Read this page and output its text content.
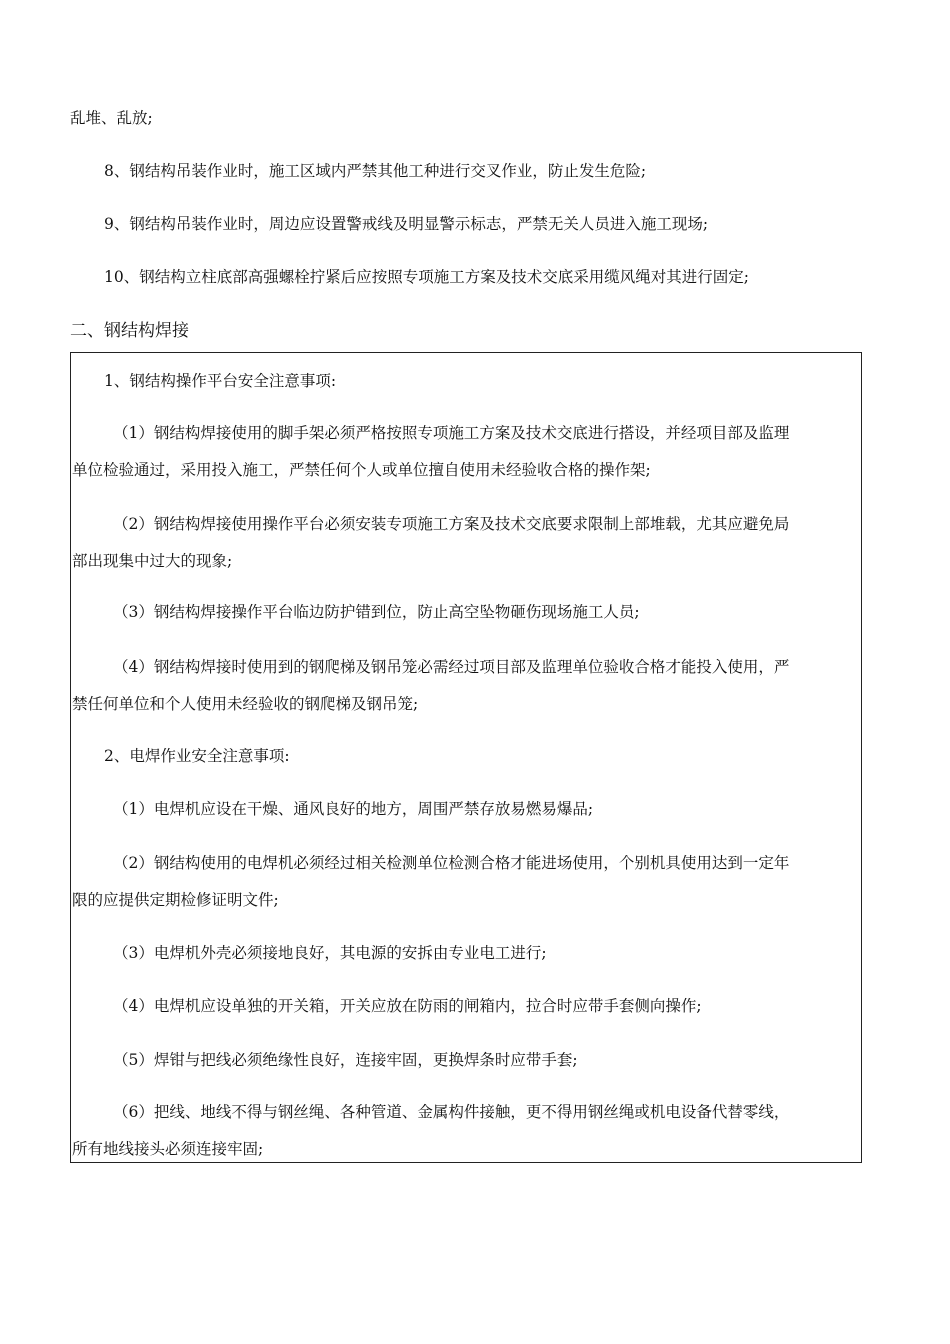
乱堆、乱放;
8、钢结构吊装作业时，施工区域内严禁其他工种进行交叉作业，防止发生危险;
9、钢结构吊装作业时，周边应设置警戒线及明显警示标志，严禁无关人员进入施工现场;
10、钢结构立柱底部高强螺栓拧紧后应按照专项施工方案及技术交底采用缆风绳对其进行固定;
二、钢结构焊接
1、钢结构操作平台安全注意事项:
（1）钢结构焊接使用的脚手架必须严格按照专项施工方案及技术交底进行搭设，并经项目部及监理
单位检验通过，采用投入施工，严禁任何个人或单位擅自使用未经验收合格的操作架;
（2）钢结构焊接使用操作平台必须安装专项施工方案及技术交底要求限制上部堆载，尤其应避免局
部出现集中过大的现象;
（3）钢结构焊接操作平台临边防护错到位，防止高空坠物砸伤现场施工人员;
（4）钢结构焊接时使用到的钢爬梯及钢吊笼必需经过项目部及监理单位验收合格才能投入使用，严
禁任何单位和个人使用未经验收的钢爬梯及钢吊笼;
2、电焊作业安全注意事项:
（1）电焊机应设在干燥、通风良好的地方，周围严禁存放易燃易爆品;
（2）钢结构使用的电焊机必须经过相关检测单位检测合格才能进场使用，个别机具使用达到一定年
限的应提供定期检修证明文件;
（3）电焊机外壳必须接地良好，其电源的安拆由专业电工进行;
（4）电焊机应设单独的开关箱，开关应放在防雨的闸箱内，拉合时应带手套侧向操作;
（5）焊钳与把线必须绝缘性良好，连接牢固，更换焊条时应带手套;
（6）把线、地线不得与钢丝绳、各种管道、金属构件接触，更不得用钢丝绳或机电设备代替零线，
所有地线接头必须连接牢固;
